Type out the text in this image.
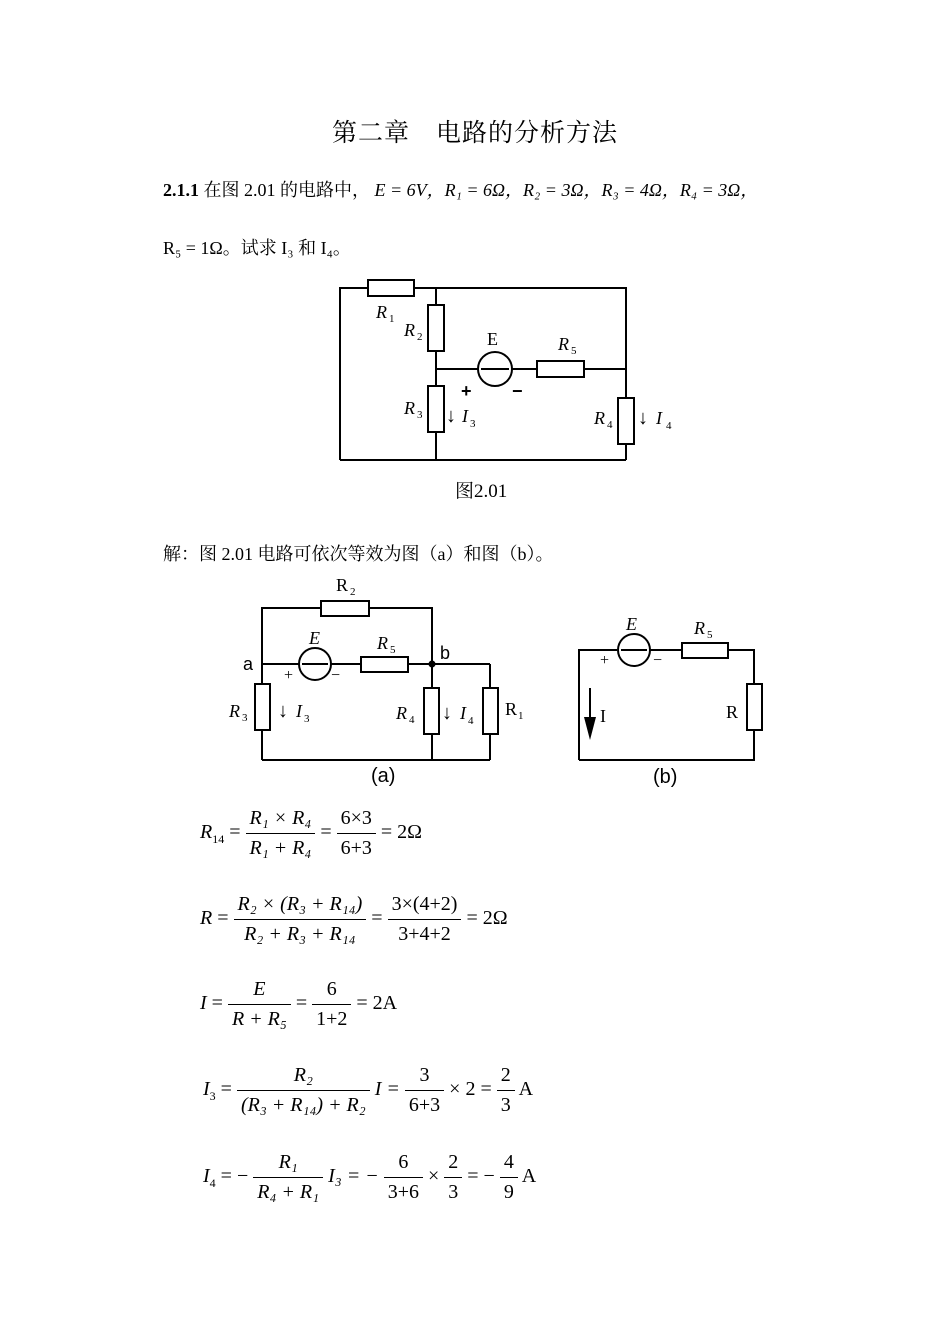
第二章　电路的分析方法
2.1.1 在图 2.01 的电路中， E = 6V，R₁ = 6Ω，R₂ = 3Ω，R₃ = 4Ω，R₄ = 3Ω，
R₅ = 1Ω。试求 I₃ 和 I₄。
R 1
R 2	E	R 5
+ −
R 3 ↓ I 3	R 4 ↓ I 4
图2.01
解：图 2.01 电路可依次等效为图（a）和图（b）。
R 2
E	R 5
a
b
+ −
R 3 ↓ I 3	R 4 ↓ I 4
R 1
(a)
E	R 5
+	−
I	R
(b)
$R_{14} = \frac{\text{R₁ × R₄}}{\text{R₁ + R₄}} = \frac{6\times 3}{6+3} = 2\Omega$
$R = \frac{\text{R₂ × (R₃ + R₁₄)}}{\text{R₂ + R₃ + R₁₄}} = \frac{3\times(4+2)}{3+4+2} = 2\Omega$
$I = \frac{E}{\text{R + R₅}} = \frac{6}{1+2} = 2A$
$I_3 = \frac{\text{R₂}}{\text{(R₃ + R₁₄) + R₂}}$ $I = \frac{3}{6+3} \times 2 = \frac{2}{3}$ A
$I_4$ = − $\frac{\text{R₁}}{\text{R₄ + R₁}} I_3$ = − $\frac{6}{3+6} \times \frac{2}{3}$ = − $\frac{4}{9}$ A
